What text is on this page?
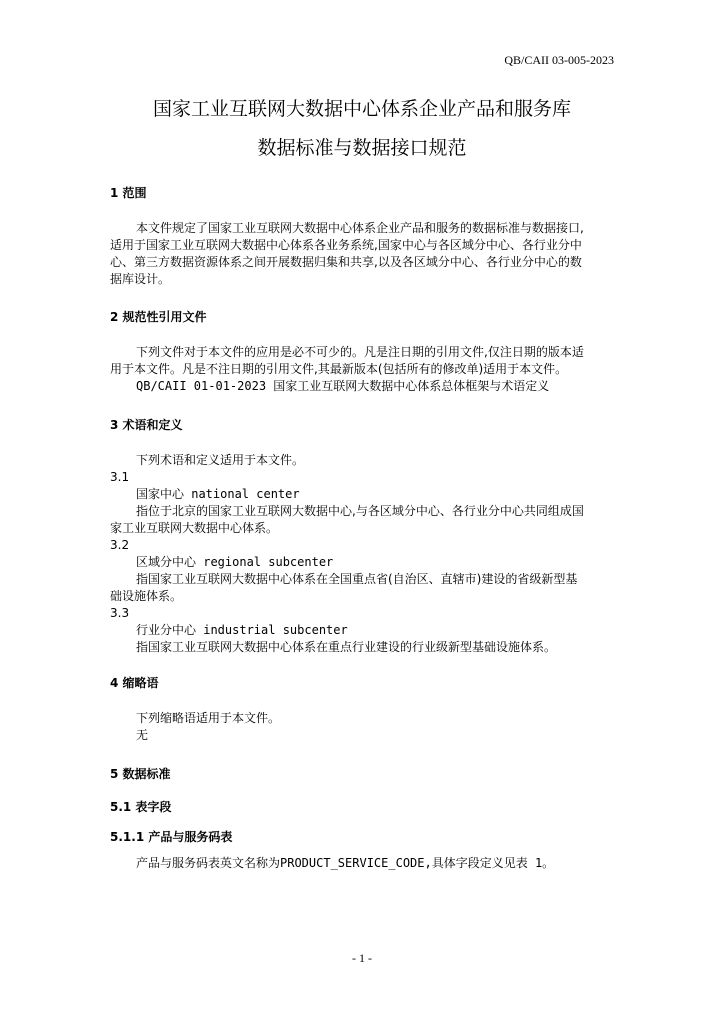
QB/CAII 03-005-2023
国家工业互联网大数据中心体系企业产品和服务库
数据标准与数据接口规范
1 范围
本文件规定了国家工业互联网大数据中心体系企业产品和服务的数据标准与数据接口,
适用于国家工业互联网大数据中心体系各业务系统,国家中心与各区域分中心、各行业分中
心、第三方数据资源体系之间开展数据归集和共享,以及各区域分中心、各行业分中心的数
据库设计。
2 规范性引用文件
下列文件对于本文件的应用是必不可少的。凡是注日期的引用文件,仅注日期的版本适
用于本文件。凡是不注日期的引用文件,其最新版本(包括所有的修改单)适用于本文件。
QB/CAII 01-01-2023 国家工业互联网大数据中心体系总体框架与术语定义
3 术语和定义
下列术语和定义适用于本文件。
3.1
国家中心 national center
指位于北京的国家工业互联网大数据中心,与各区域分中心、各行业分中心共同组成国
家工业互联网大数据中心体系。
3.2
区域分中心 regional subcenter
指国家工业互联网大数据中心体系在全国重点省(自治区、直辖市)建设的省级新型基
础设施体系。
3.3
行业分中心 industrial subcenter
指国家工业互联网大数据中心体系在重点行业建设的行业级新型基础设施体系。
4 缩略语
下列缩略语适用于本文件。
无
5 数据标准
5.1 表字段
5.1.1 产品与服务码表
产品与服务码表英文名称为PRODUCT_SERVICE_CODE,具体字段定义见表 1。
- 1 -
